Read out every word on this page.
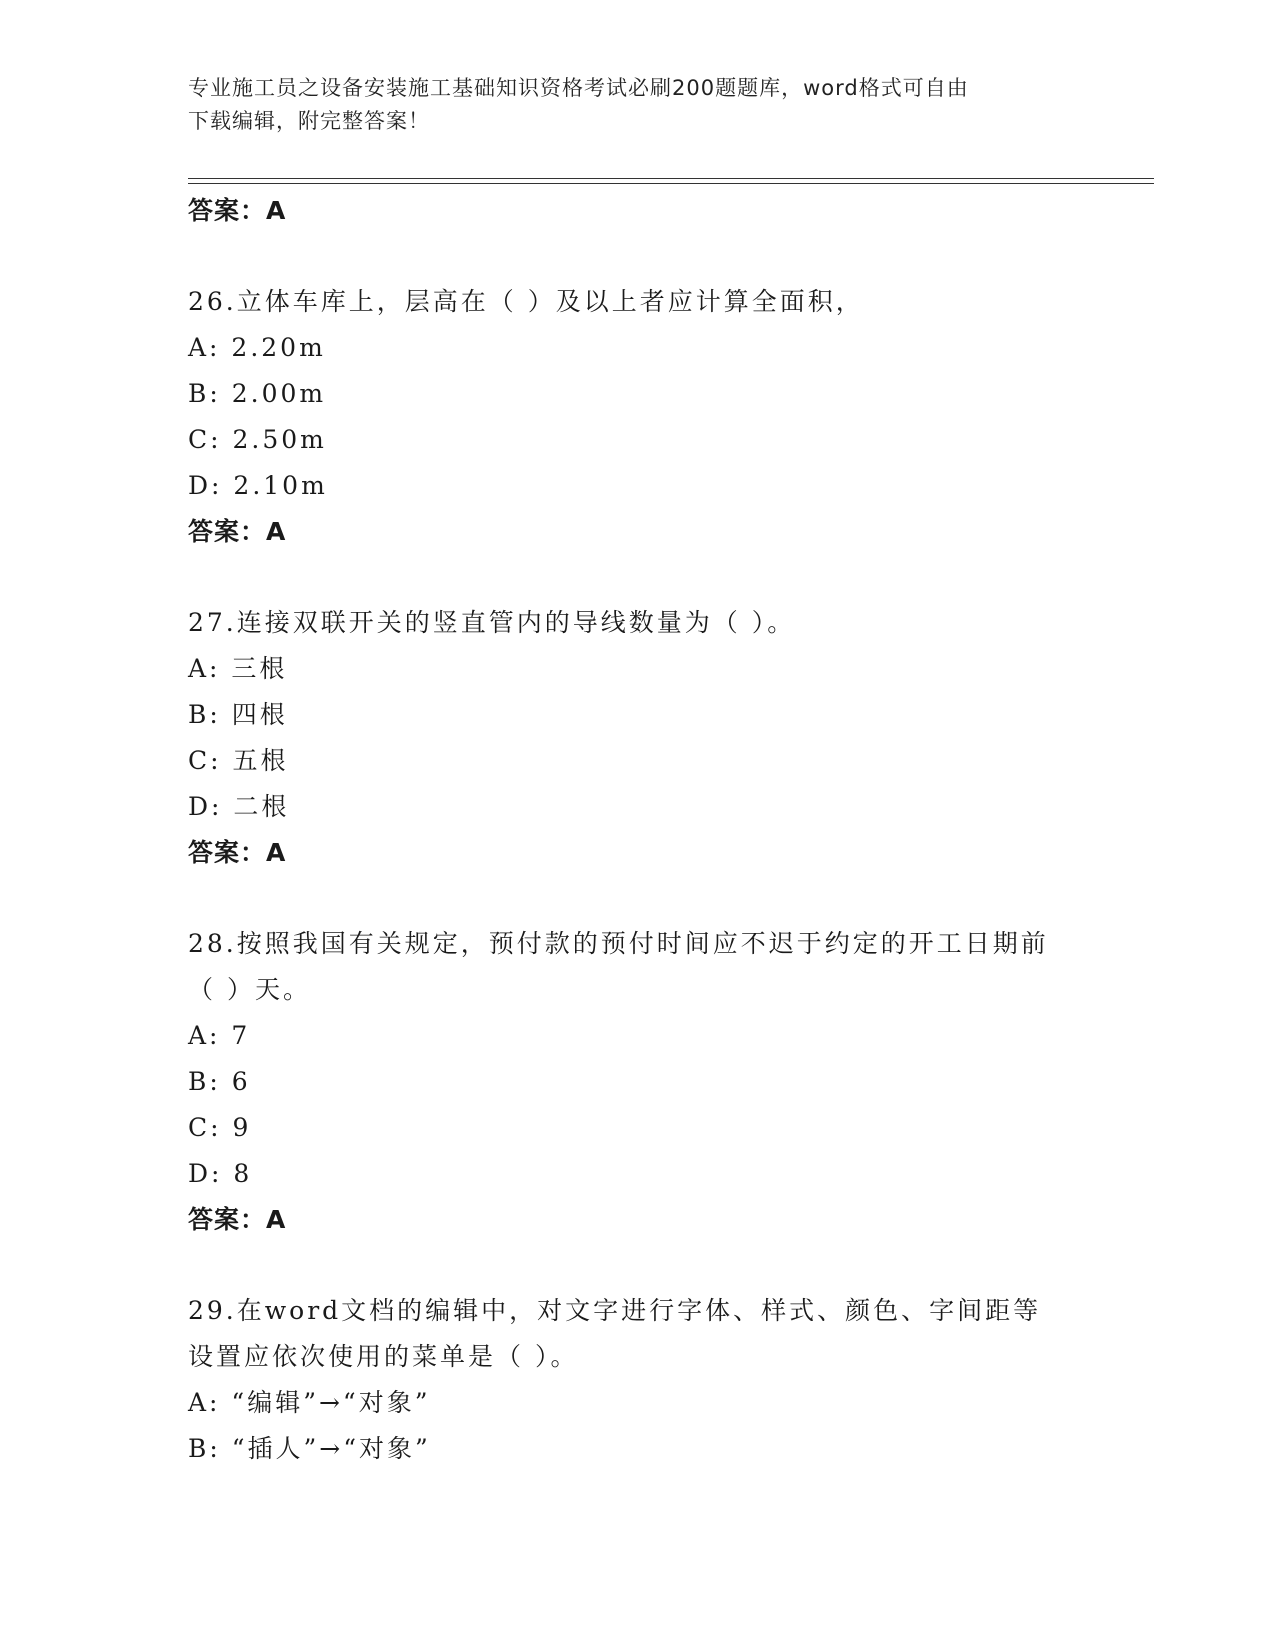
专业施工员之设备安装施工基础知识资格考试必刷200题题库，word格式可自由
下载编辑，附完整答案！
答案：A
26.立体车库上，层高在（ ）及以上者应计算全面积，
A: 2.20m
B: 2.00m
C: 2.50m
D: 2.10m
答案：A
27.连接双联开关的竖直管内的导线数量为（ ）。
A: 三根
B: 四根
C: 五根
D: 二根
答案：A
28.按照我国有关规定，预付款的预付时间应不迟于约定的开工日期前
（ ）天。
A: 7
B: 6
C: 9
D: 8
答案：A
29.在word文档的编辑中，对文字进行字体、样式、颜色、字间距等
设置应依次使用的菜单是（ ）。
A: “编辑”→“对象”
B: “插人”→“对象”
